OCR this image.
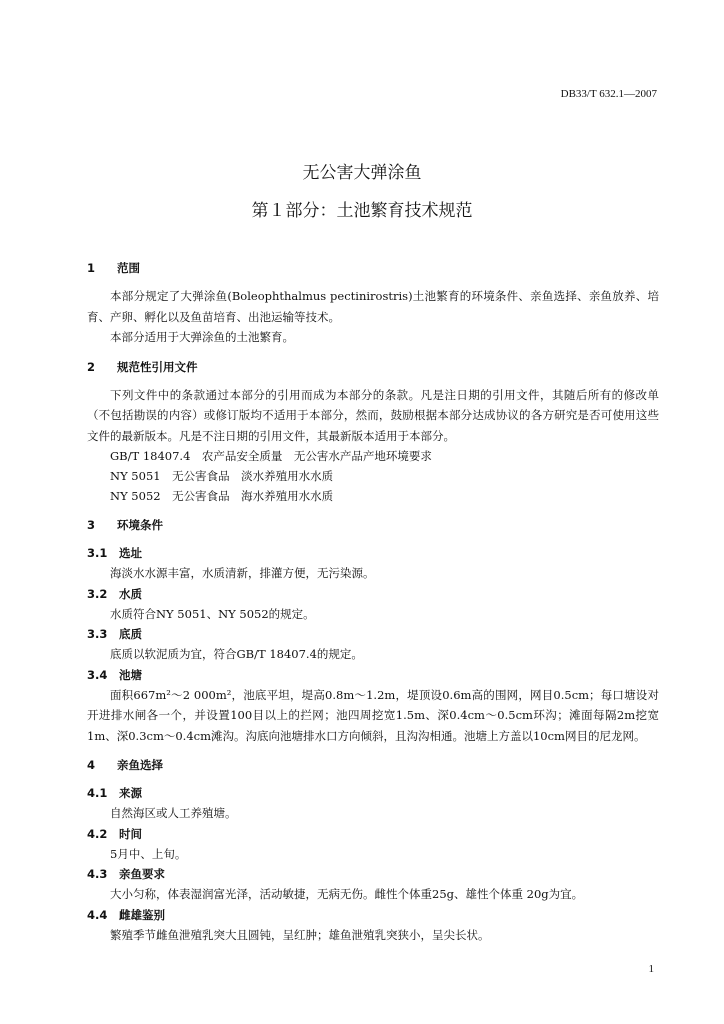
DB33/T 632.1—2007
无公害大弹涂鱼
第１部分：土池繁育技术规范
1 范围

本部分规定了大弹涂鱼(Boleophthalmus pectinirostris)土池繁育的环境条件、亲鱼选择、亲鱼放养、培育、产卵、孵化以及鱼苗培育、出池运输等技术。

本部分适用于大弹涂鱼的土池繁育。

2 规范性引用文件

下列文件中的条款通过本部分的引用而成为本部分的条款。凡是注日期的引用文件，其随后所有的修改单（不包括勘误的内容）或修订版均不适用于本部分，然而，鼓励根据本部分达成协议的各方研究是否可使用这些文件的最新版本。凡是不注日期的引用文件，其最新版本适用于本部分。

GB/T 18407.4　农产品安全质量　无公害水产品产地环境要求

NY 5051　无公害食品　淡水养殖用水水质

NY 5052　无公害食品　海水养殖用水水质

3 环境条件
3.1 选址

海淡水水源丰富，水质清新，排灌方便，无污染源。

3.2 水质

水质符合NY 5051、NY 5052的规定。

3.3 底质

底质以软泥质为宜，符合GB/T 18407.4的规定。

3.4 池塘

面积667m²～2 000m²，池底平坦，堤高0.8m～1.2m，堤顶设0.6m高的围网，网目0.5cm；每口塘设对开进排水闸各一个，并设置100目以上的拦网；池四周挖宽1.5m、深0.4cm～0.5cm环沟；滩面每隔2m挖宽1m、深0.3cm～0.4cm滩沟。沟底向池塘排水口方向倾斜，且沟沟相通。池塘上方盖以10cm网目的尼龙网。

4 亲鱼选择
4.1 来源

自然海区或人工养殖塘。

4.2 时间

5月中、上旬。

4.3 亲鱼要求

大小匀称，体表湿润富光泽，活动敏捷，无病无伤。雌性个体重25g、雄性个体重 20g为宜。

4.4 雌雄鉴别

繁殖季节雌鱼泄殖乳突大且圆钝，呈红肿；雄鱼泄殖乳突狭小，呈尖长状。

1
